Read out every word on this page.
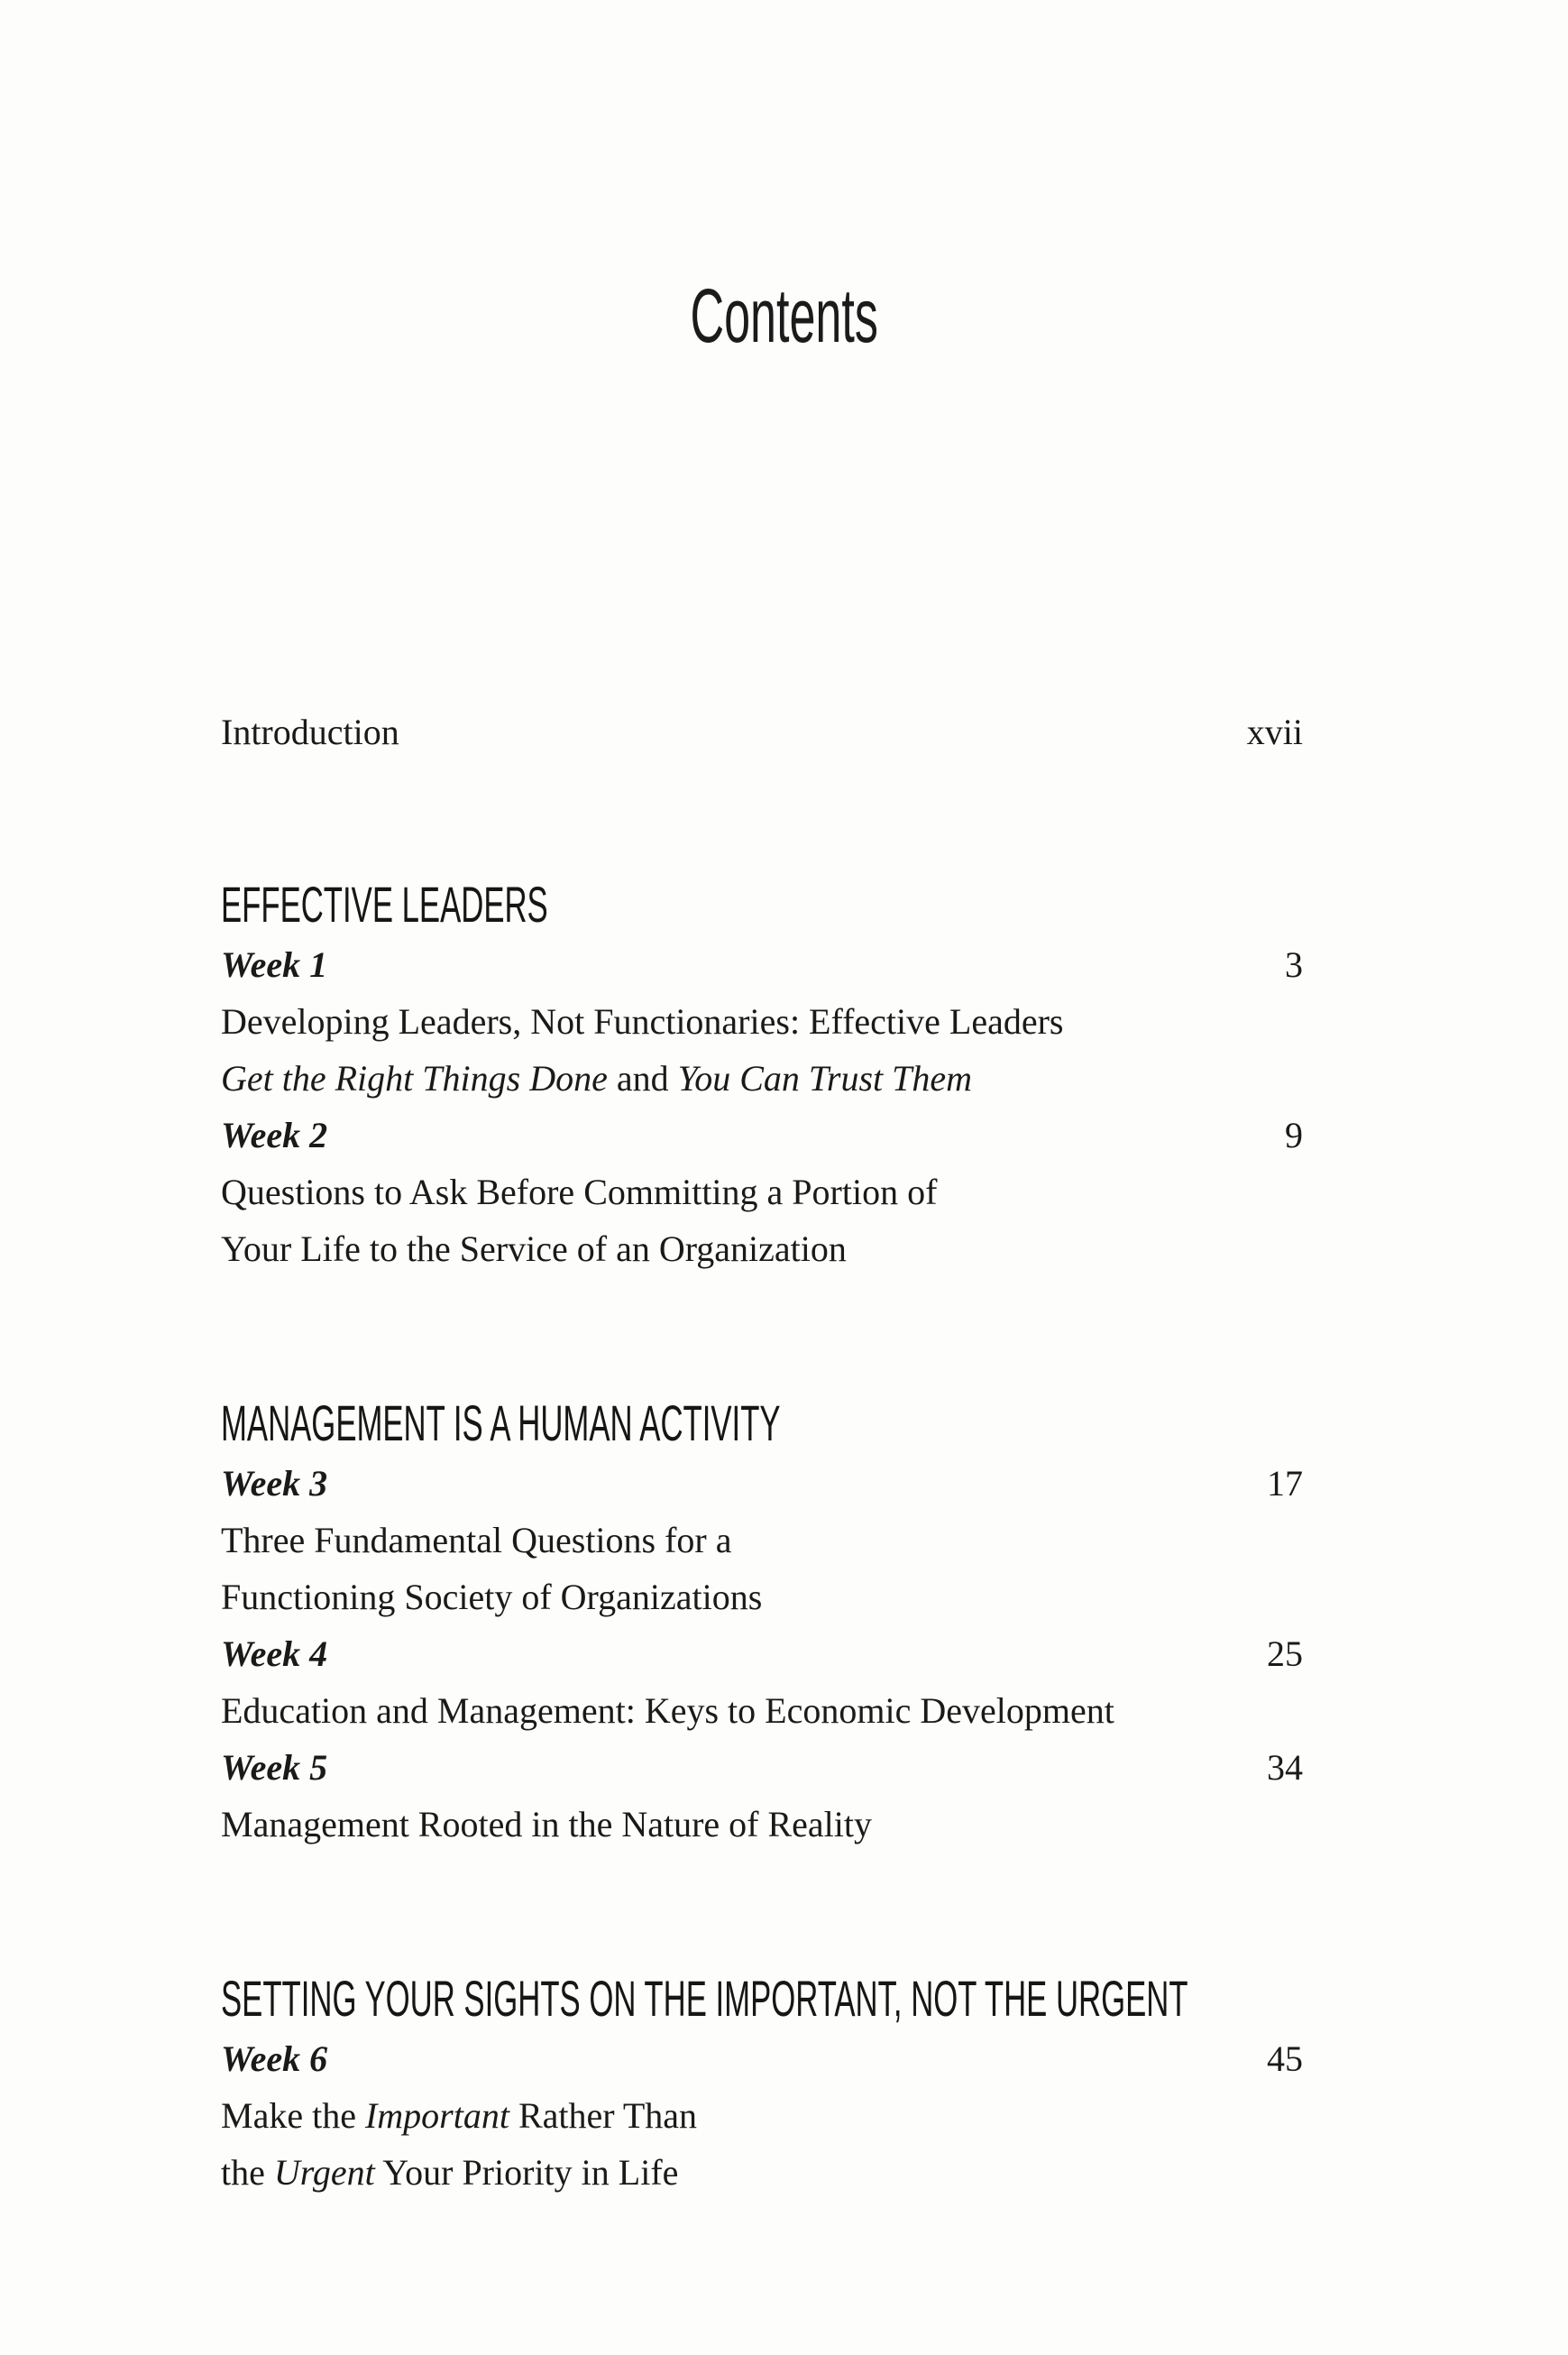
Contents
Introduction	xvii
EFFECTIVE LEADERS
Week 1	3
Developing Leaders, Not Functionaries: Effective Leaders
Get the Right Things Done and You Can Trust Them
Week 2	9
Questions to Ask Before Committing a Portion of
Your Life to the Service of an Organization
MANAGEMENT IS A HUMAN ACTIVITY
Week 3	17
Three Fundamental Questions for a
Functioning Society of Organizations
Week 4	25
Education and Management: Keys to Economic Development
Week 5	34
Management Rooted in the Nature of Reality
SETTING YOUR SIGHTS ON THE IMPORTANT, NOT THE URGENT
Week 6	45
Make the Important Rather Than
the Urgent Your Priority in Life
